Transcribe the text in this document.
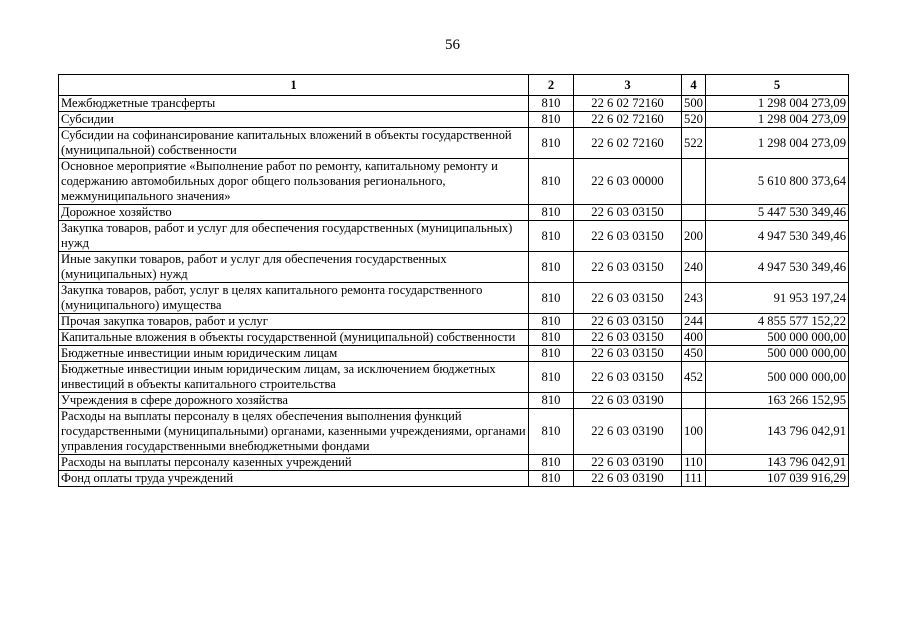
56
1	2	3	4	5
Межбюджетные трансферты	810	22 6 02 72160	500	1 298 004 273,09
Субсидии	810	22 6 02 72160	520	1 298 004 273,09
Субсидии на софинансирование капитальных вложений в объекты государственной (муниципальной) собственности	810	22 6 02 72160	522	1 298 004 273,09
Основное мероприятие «Выполнение работ по ремонту, капитальному ремонту и содержанию автомобильных дорог общего пользования регионального, межмуниципального значения»	810	22 6 03 00000		5 610 800 373,64
Дорожное хозяйство	810	22 6 03 03150		5 447 530 349,46
Закупка товаров, работ и услуг для обеспечения государственных (муниципальных) нужд	810	22 6 03 03150	200	4 947 530 349,46
Иные закупки товаров, работ и услуг для обеспечения государственных (муниципальных) нужд	810	22 6 03 03150	240	4 947 530 349,46
Закупка товаров, работ, услуг в целях капитального ремонта государственного (муниципального) имущества	810	22 6 03 03150	243	91 953 197,24
Прочая закупка товаров, работ и услуг	810	22 6 03 03150	244	4 855 577 152,22
Капитальные вложения в объекты государственной (муниципальной) собственности	810	22 6 03 03150	400	500 000 000,00
Бюджетные инвестиции иным юридическим лицам	810	22 6 03 03150	450	500 000 000,00
Бюджетные инвестиции иным юридическим лицам, за исключением бюджетных инвестиций в объекты капитального строительства	810	22 6 03 03150	452	500 000 000,00
Учреждения в сфере дорожного хозяйства	810	22 6 03 03190		163 266 152,95
Расходы на выплаты персоналу в целях обеспечения выполнения функций государственными (муниципальными) органами, казенными учреждениями, органами управления государственными внебюджетными фондами	810	22 6 03 03190	100	143 796 042,91
Расходы на выплаты персоналу казенных учреждений	810	22 6 03 03190	110	143 796 042,91
Фонд оплаты труда учреждений	810	22 6 03 03190	111	107 039 916,29
